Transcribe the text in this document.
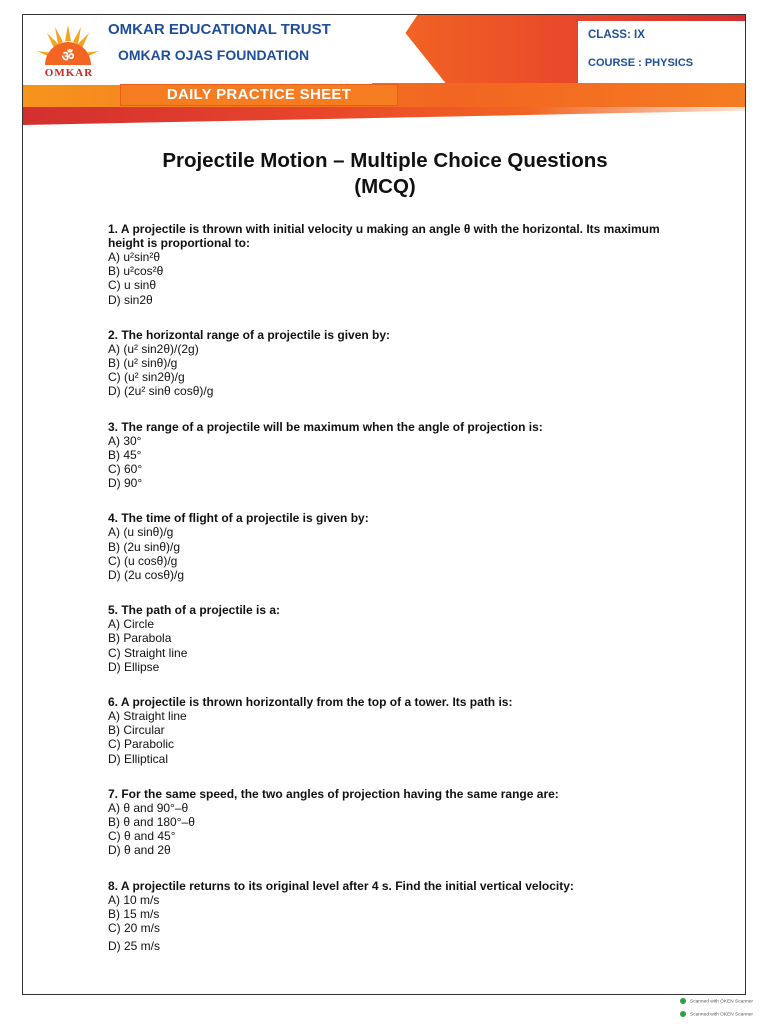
ॐ
OMKAR
OMKAR EDUCATIONAL TRUST
OMKAR OJAS FOUNDATION
CLASS: IX
COURSE : PHYSICS
DAILY PRACTICE SHEET
Projectile Motion – Multiple Choice Questions
(MCQ)
1. A projectile is thrown with initial velocity u making an angle θ with the horizontal. Its maximum height is proportional to:
A) u²sin²θ
B) u²cos²θ
C) u sinθ
D) sin2θ
2. The horizontal range of a projectile is given by:
A) (u² sin2θ)/(2g)
B) (u² sinθ)/g
C) (u² sin2θ)/g
D) (2u² sinθ cosθ)/g
3. The range of a projectile will be maximum when the angle of projection is:
A) 30°
B) 45°
C) 60°
D) 90°
4. The time of flight of a projectile is given by:
A) (u sinθ)/g
B) (2u sinθ)/g
C) (u cosθ)/g
D) (2u cosθ)/g
5. The path of a projectile is a:
A) Circle
B) Parabola
C) Straight line
D) Ellipse
6. A projectile is thrown horizontally from the top of a tower. Its path is:
A) Straight line
B) Circular
C) Parabolic
D) Elliptical
7. For the same speed, the two angles of projection having the same range are:
A) θ and 90°–θ
B) θ and 180°–θ
C) θ and 45°
D) θ and 2θ
8. A projectile returns to its original level after 4 s. Find the initial vertical velocity:
A) 10 m/s
B) 15 m/s
C) 20 m/s
D) 25 m/s
Scanned with OKEN Scanner
Scanned with OKEN Scanner
